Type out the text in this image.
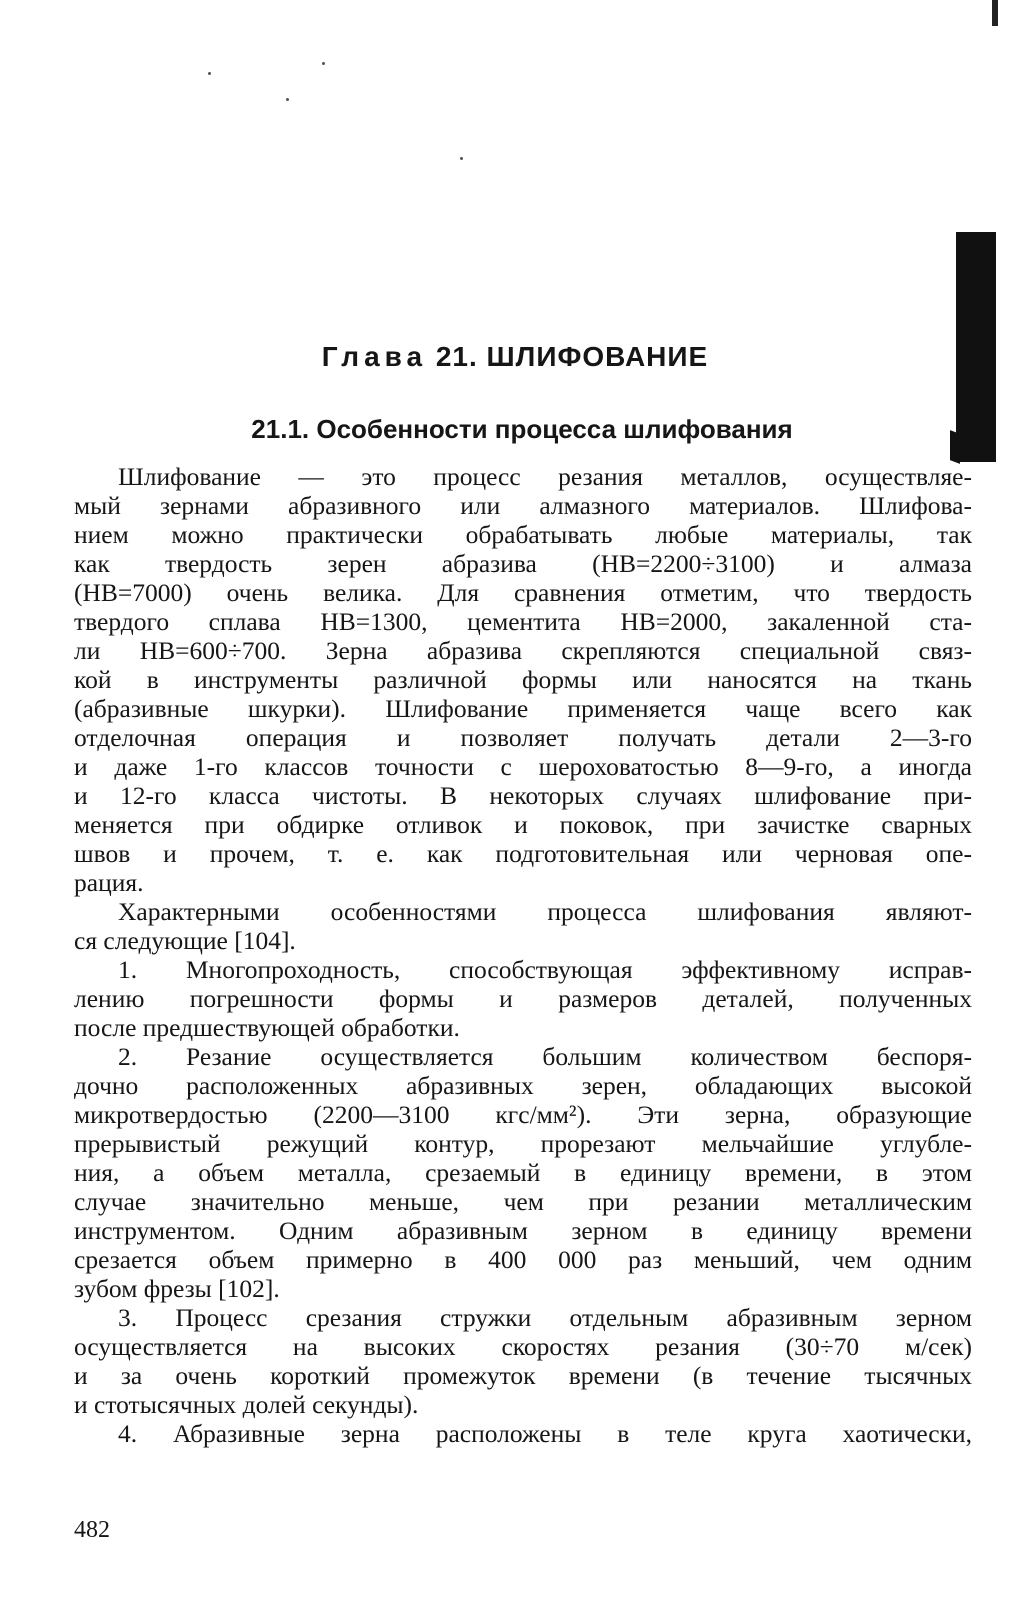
Глава 21. ШЛИФОВАНИЕ
21.1. Особенности процесса шлифования
Шлифование — это процесс резания металлов, осуществляе-
мый зернами абразивного или алмазного материалов. Шлифова-
нием можно практически обрабатывать любые материалы, так
как твердость зерен абразива (НВ=2200÷3100) и алмаза
(НВ=7000) очень велика. Для сравнения отметим, что твердость
твердого сплава НВ=1300, цементита НВ=2000, закаленной ста-
ли НВ=600÷700. Зерна абразива скрепляются специальной связ-
кой в инструменты различной формы или наносятся на ткань
(абразивные шкурки). Шлифование применяется чаще всего как
отделочная операция и позволяет получать детали 2—3-го
и даже 1-го классов точности с шероховатостью 8—9-го, а иногда
и 12-го класса чистоты. В некоторых случаях шлифование при-
меняется при обдирке отливок и поковок, при зачистке сварных
швов и прочем, т. е. как подготовительная или черновая опе-
рация.
Характерными особенностями процесса шлифования являют-
ся следующие [104].
1. Многопроходность, способствующая эффективному исправ-
лению погрешности формы и размеров деталей, полученных
после предшествующей обработки.
2. Резание осуществляется большим количеством беспоря-
дочно расположенных абразивных зерен, обладающих высокой
микротвердостью (2200—3100 кгс/мм²). Эти зерна, образующие
прерывистый режущий контур, прорезают мельчайшие углубле-
ния, а объем металла, срезаемый в единицу времени, в этом
случае значительно меньше, чем при резании металлическим
инструментом. Одним абразивным зерном в единицу времени
срезается объем примерно в 400 000 раз меньший, чем одним
зубом фрезы [102].
3. Процесс срезания стружки отдельным абразивным зерном
осуществляется на высоких скоростях резания (30÷70 м/сек)
и за очень короткий промежуток времени (в течение тысячных
и стотысячных долей секунды).
4. Абразивные зерна расположены в теле круга хаотически,
482
